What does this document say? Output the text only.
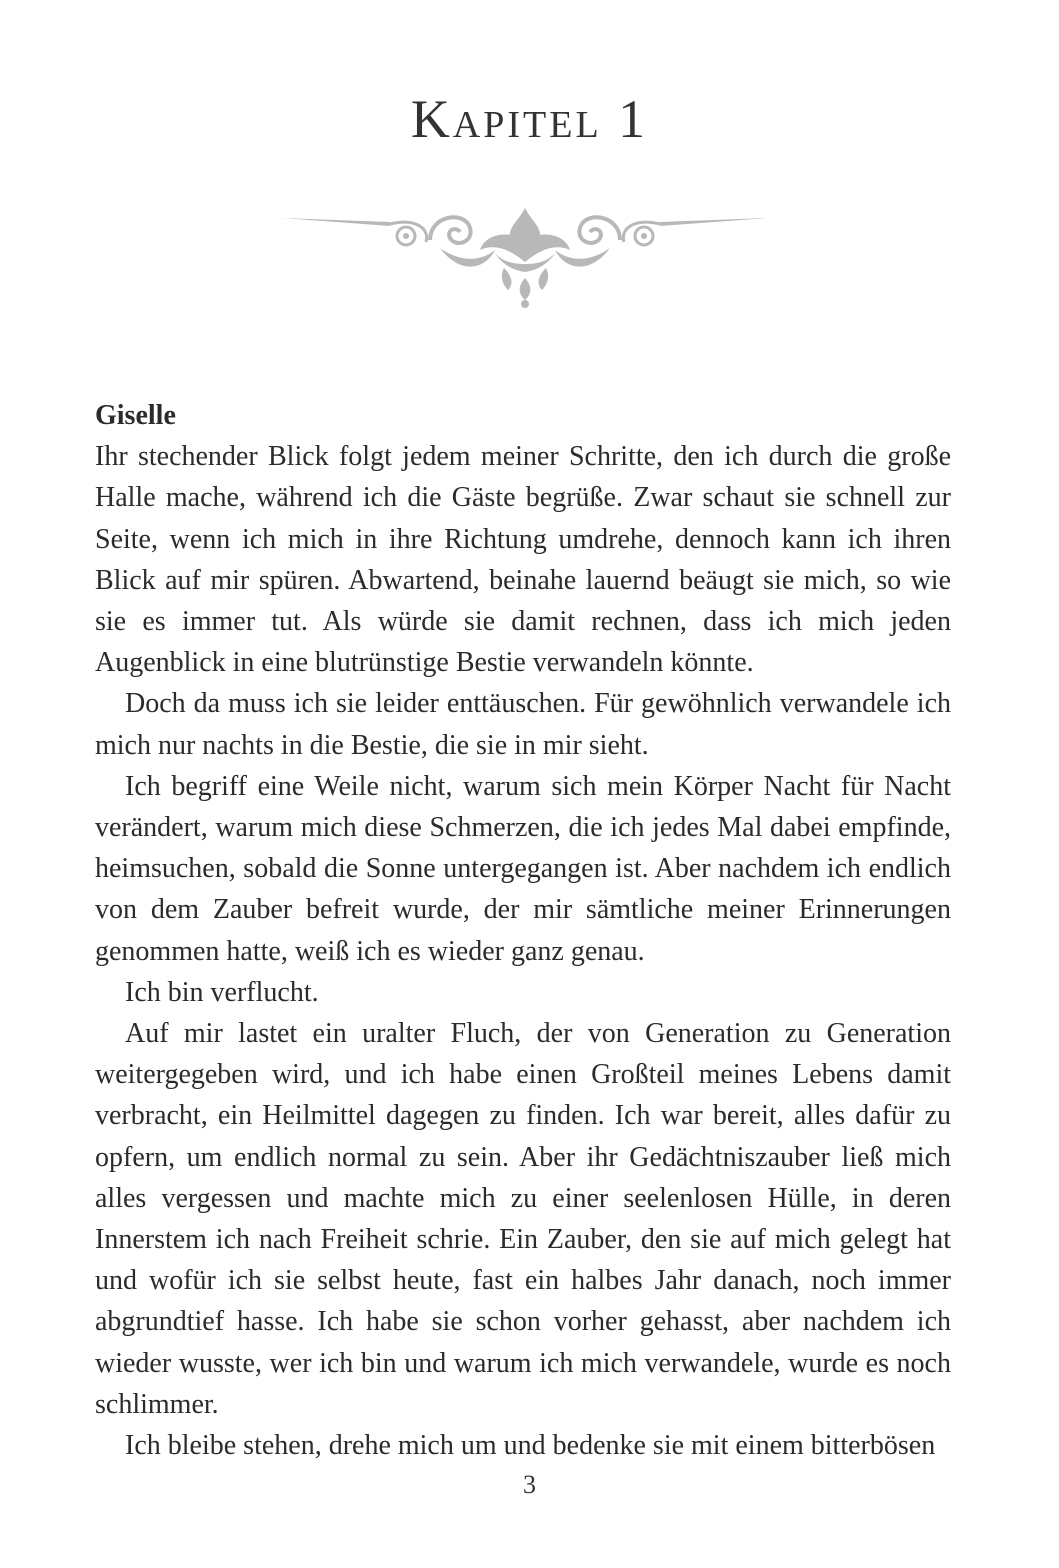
Kapitel 1

Giselle

Ihr stechender Blick folgt jedem meiner Schritte, den ich durch die große Halle mache, während ich die Gäste begrüße. Zwar schaut sie schnell zur Seite, wenn ich mich in ihre Richtung umdrehe, dennoch kann ich ihren Blick auf mir spüren. Abwartend, beinahe lauernd beäugt sie mich, so wie sie es immer tut. Als würde sie damit rechnen, dass ich mich jeden Augenblick in eine blutrünstige Bestie verwandeln könnte.

Doch da muss ich sie leider enttäuschen. Für gewöhnlich verwandele ich mich nur nachts in die Bestie, die sie in mir sieht.

Ich begriff eine Weile nicht, warum sich mein Körper Nacht für Nacht verändert, warum mich diese Schmerzen, die ich jedes Mal dabei empfinde, heimsuchen, sobald die Sonne untergegangen ist. Aber nachdem ich endlich von dem Zauber befreit wurde, der mir sämtliche meiner Erinnerungen genommen hatte, weiß ich es wieder ganz genau.

Ich bin verflucht.

Auf mir lastet ein uralter Fluch, der von Generation zu Generation weitergegeben wird, und ich habe einen Großteil meines Lebens damit verbracht, ein Heilmittel dagegen zu finden. Ich war bereit, alles dafür zu opfern, um endlich normal zu sein. Aber ihr Gedächtniszauber ließ mich alles vergessen und machte mich zu einer seelenlosen Hülle, in deren Innerstem ich nach Freiheit schrie. Ein Zauber, den sie auf mich gelegt hat und wofür ich sie selbst heute, fast ein halbes Jahr danach, noch immer abgrundtief hasse. Ich habe sie schon vorher gehasst, aber nachdem ich wieder wusste, wer ich bin und warum ich mich verwandele, wurde es noch schlimmer.

Ich bleibe stehen, drehe mich um und bedenke sie mit einem bitterbösen

3
